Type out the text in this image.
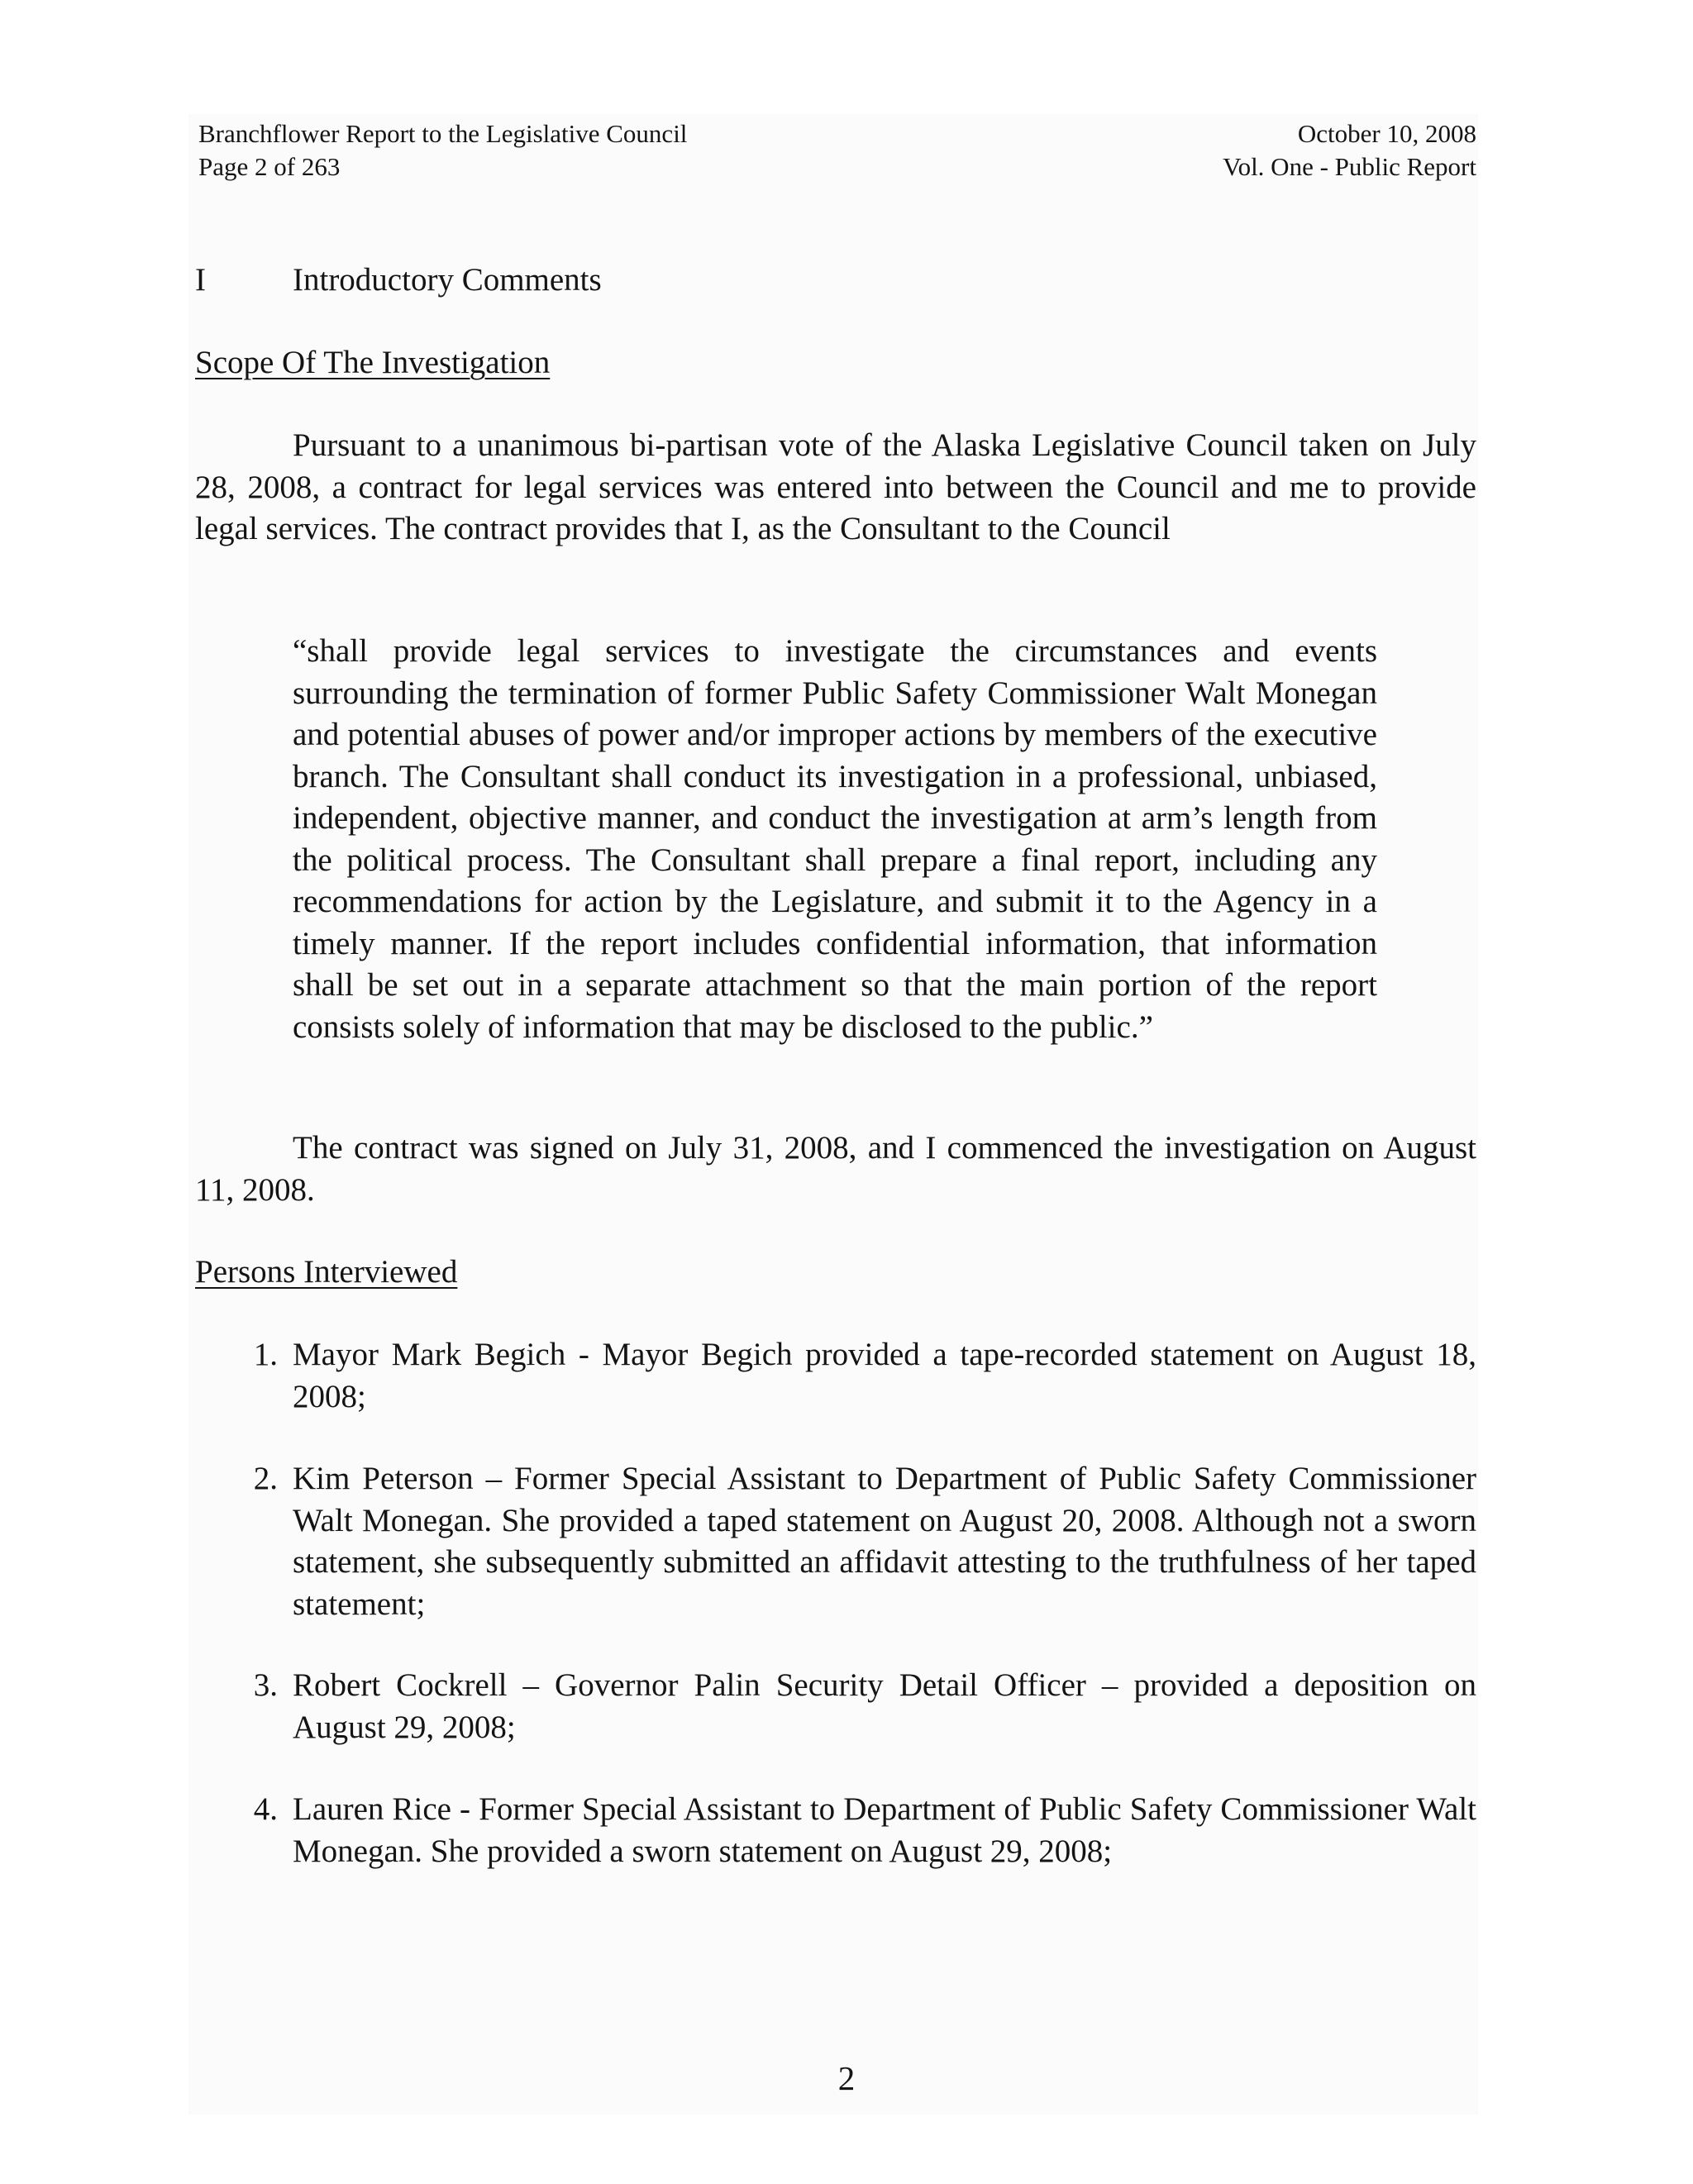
Branchflower Report to the Legislative Council
Page 2 of 263
October 10, 2008
Vol. One - Public Report
I	Introductory Comments
Scope Of The Investigation

Pursuant to a unanimous bi-partisan vote of the Alaska Legislative Council taken on July 28, 2008, a contract for legal services was entered into between the Council and me to provide legal services. The contract provides that I, as the Consultant to the Council

“shall provide legal services to investigate the circumstances and events surrounding the termination of former Public Safety Commissioner Walt Monegan and potential abuses of power and/or improper actions by members of the executive branch. The Consultant shall conduct its investigation in a professional, unbiased, independent, objective manner, and conduct the investigation at arm’s length from the political process. The Consultant shall prepare a final report, including any recommendations for action by the Legislature, and submit it to the Agency in a timely manner. If the report includes confidential information, that information shall be set out in a separate attachment so that the main portion of the report consists solely of information that may be disclosed to the public.”

The contract was signed on July 31, 2008, and I commenced the investigation on August 11, 2008.

Persons Interviewed
1. Mayor Mark Begich - Mayor Begich provided a tape-recorded statement on August 18, 2008;
2. Kim Peterson – Former Special Assistant to Department of Public Safety Commissioner Walt Monegan. She provided a taped statement on August 20, 2008. Although not a sworn statement, she subsequently submitted an affidavit attesting to the truthfulness of her taped statement;
3. Robert Cockrell – Governor Palin Security Detail Officer – provided a deposition on August 29, 2008;
4. Lauren Rice - Former Special Assistant to Department of Public Safety Commissioner Walt Monegan. She provided a sworn statement on August 29, 2008;
2
